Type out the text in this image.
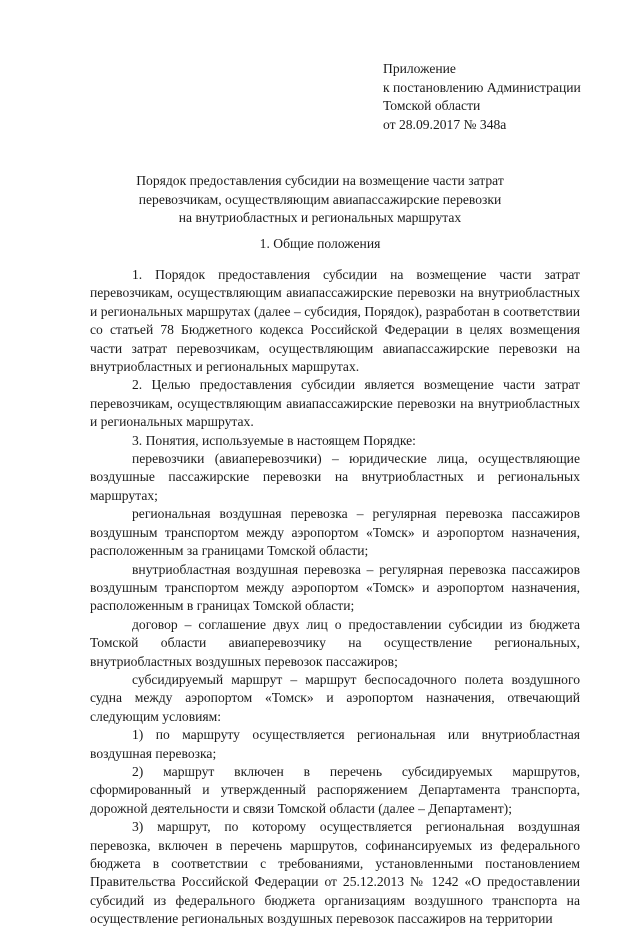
Приложение
к постановлению Администрации
Томской области
от 28.09.2017 № 348а
Порядок предоставления субсидии на возмещение части затрат
перевозчикам, осуществляющим авиапассажирские перевозки
на внутриобластных и региональных маршрутах
1. Общие положения

1. Порядок предоставления субсидии на возмещение части затрат перевозчикам, осуществляющим авиапассажирские перевозки на внутриобластных и региональных маршрутах (далее – субсидия, Порядок), разработан в соответствии со статьей 78 Бюджетного кодекса Российской Федерации в целях возмещения части затрат перевозчикам, осуществляющим авиапассажирские перевозки на внутриобластных и региональных маршрутах.

2. Целью предоставления субсидии является возмещение части затрат перевозчикам, осуществляющим авиапассажирские перевозки на внутриобластных и региональных маршрутах.

3. Понятия, используемые в настоящем Порядке:

перевозчики (авиаперевозчики) – юридические лица, осуществляющие воздушные пассажирские перевозки на внутриобластных и региональных маршрутах;

региональная воздушная перевозка – регулярная перевозка пассажиров воздушным транспортом между аэропортом «Томск» и аэропортом назначения, расположенным за границами Томской области;

внутриобластная воздушная перевозка – регулярная перевозка пассажиров воздушным транспортом между аэропортом «Томск» и аэропортом назначения, расположенным в границах Томской области;

договор – соглашение двух лиц о предоставлении субсидии из бюджета Томской области авиаперевозчику на осуществление региональных, внутриобластных воздушных перевозок пассажиров;

субсидируемый маршрут – маршрут беспосадочного полета воздушного судна между аэропортом «Томск» и аэропортом назначения, отвечающий следующим условиям:

1) по маршруту осуществляется региональная или внутриобластная воздушная перевозка;

2) маршрут включен в перечень субсидируемых маршрутов, сформированный и утвержденный распоряжением Департамента транспорта, дорожной деятельности и связи Томской области (далее – Департамент);

3) маршрут, по которому осуществляется региональная воздушная перевозка, включен в перечень маршрутов, софинансируемых из федерального бюджета в соответствии с требованиями, установленными постановлением Правительства Российской Федерации от 25.12.2013 № 1242 «О предоставлении субсидий из федерального бюджета организациям воздушного транспорта на осуществление региональных воздушных перевозок пассажиров на территории
